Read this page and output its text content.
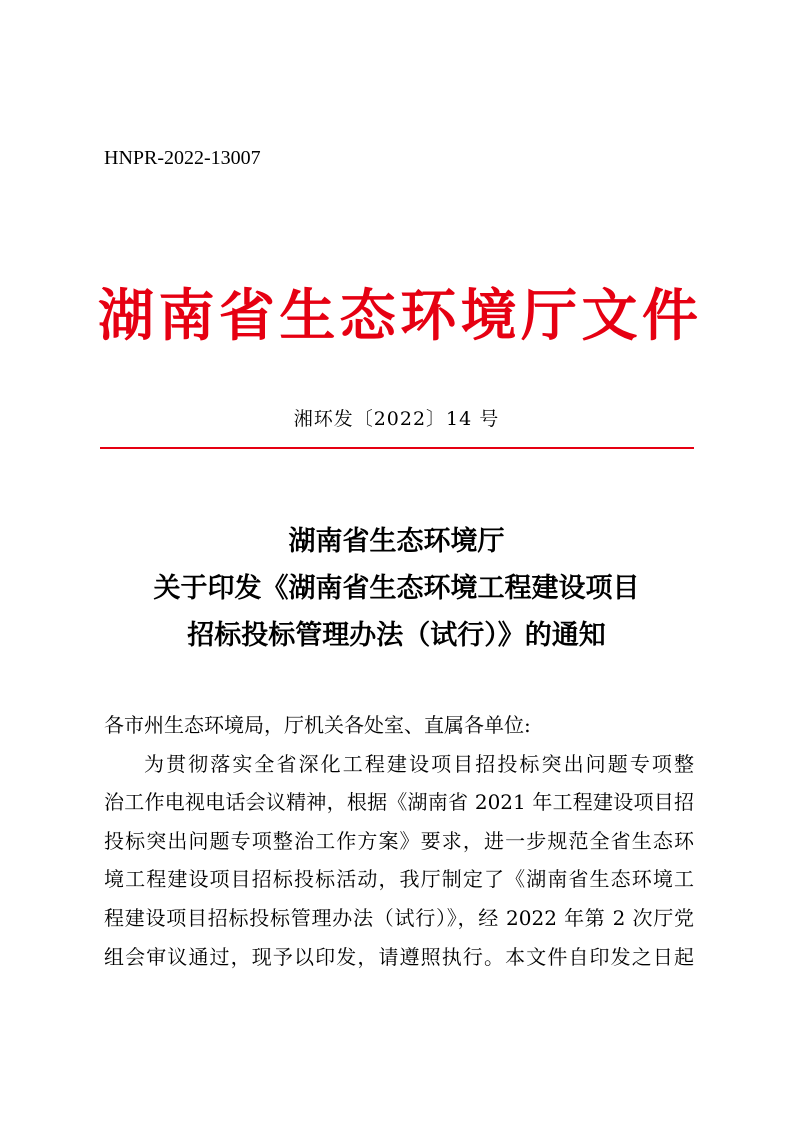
HNPR-2022-13007
湖 南 省 生 态 环 境 厅 文 件
湘环发〔2022〕14 号
湖南省生态环境厅
关于印发《湖南省生态环境工程建设项目
招标投标管理办法（试行）》的通知
各市州生态环境局，厅机关各处室、直属各单位:
为贯彻落实全省深化工程建设项目招投标突出问题专项整
治工作电视电话会议精神，根据《湖南省 2021 年工程建设项目招
投标突出问题专项整治工作方案》要求，进一步规范全省生态环
境工程建设项目招标投标活动，我厅制定了《湖南省生态环境工
程建设项目招标投标管理办法（试行）》，经 2022 年第 2 次厅党
组会审议通过，现予以印发，请遵照执行。本文件自印发之日起
